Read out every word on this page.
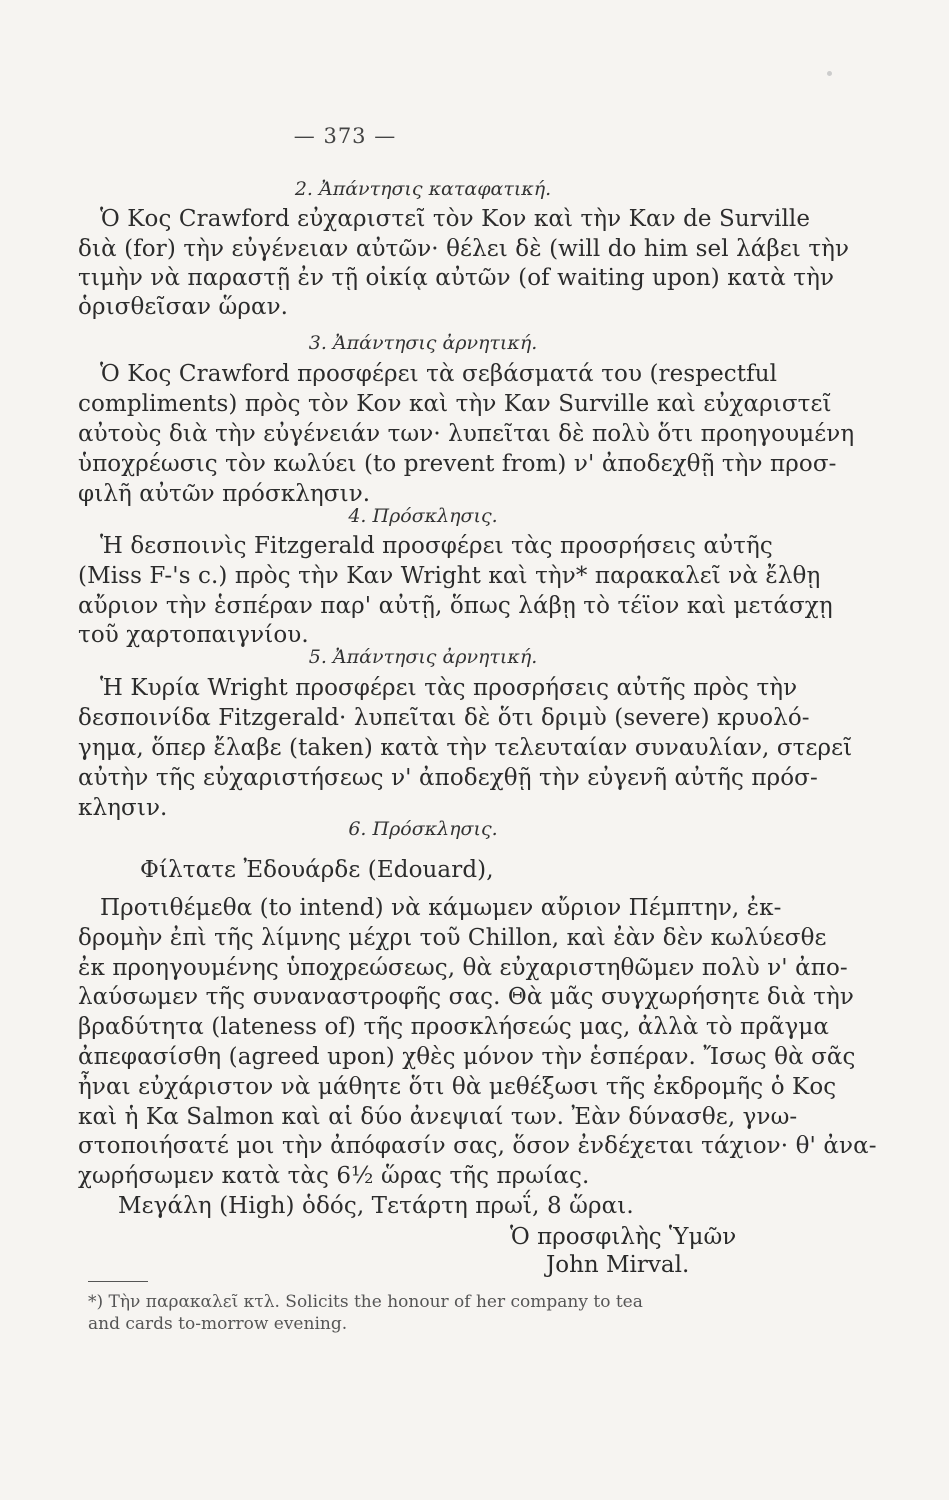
— 373 —
2. Ἀπάντησις καταφατική.
Ὁ Κος Crawford εὐχαριστεῖ τὸν Κον καὶ τὴν Καν de Surville
διὰ (for) τὴν εὐγένειαν αὐτῶν· θέλει δὲ (will do him sel λάβει τὴν
τιμὴν νὰ παραστῇ ἐν τῇ οἰκίᾳ αὐτῶν (of waiting upon) κατὰ τὴν
ὁρισθεῖσαν ὥραν.
3. Ἀπάντησις ἀρνητική.
Ὁ Κος Crawford προσφέρει τὰ σεβάσματά του (respectful
compliments) πρὸς τὸν Κον καὶ τὴν Καν Surville καὶ εὐχαριστεῖ
αὐτοὺς διὰ τὴν εὐγένειάν των· λυπεῖται δὲ πολὺ ὅτι προηγουμένη
ὑποχρέωσις τὸν κωλύει (to prevent from) ν' ἀποδεχθῇ τὴν προσ-
φιλῆ αὐτῶν πρόσκλησιν.
4. Πρόσκλησις.
Ἡ δεσποινὶς Fitzgerald προσφέρει τὰς προσρήσεις αὐτῆς
(Miss F-'s c.) πρὸς τὴν Καν Wright καὶ τὴν* παρακαλεῖ νὰ ἔλθῃ
αὔριον τὴν ἑσπέραν παρ' αὐτῇ, ὅπως λάβῃ τὸ τέϊον καὶ μετάσχῃ
τοῦ χαρτοπαιγνίου.
5. Ἀπάντησις ἀρνητική.
Ἡ Κυρία Wright προσφέρει τὰς προσρήσεις αὐτῆς πρὸς τὴν
δεσποινίδα Fitzgerald· λυπεῖται δὲ ὅτι δριμὺ (severe) κρυολό-
γημα, ὅπερ ἔλαβε (taken) κατὰ τὴν τελευταίαν συναυλίαν, στερεῖ
αὐτὴν τῆς εὐχαριστήσεως ν' ἀποδεχθῇ τὴν εὐγενῆ αὐτῆς πρόσ-
κλησιν.
6. Πρόσκλησις.
Φίλτατε Ἐδουάρδε (Edouard),
Προτιθέμεθα (to intend) νὰ κάμωμεν αὔριον Πέμπτην, ἐκ-
δρομὴν ἐπὶ τῆς λίμνης μέχρι τοῦ Chillon, καὶ ἐὰν δὲν κωλύεσθε
ἐκ προηγουμένης ὑποχρεώσεως, θὰ εὐχαριστηθῶμεν πολὺ ν' ἀπο-
λαύσωμεν τῆς συναναστροφῆς σας. Θὰ μᾶς συγχωρήσητε διὰ τὴν
βραδύτητα (lateness of) τῆς προσκλήσεώς μας, ἀλλὰ τὸ πρᾶγμα
ἀπεφασίσθη (agreed upon) χθὲς μόνον τὴν ἑσπέραν. Ἴσως θὰ σᾶς
ἦναι εὐχάριστον νὰ μάθητε ὅτι θὰ μεθέξωσι τῆς ἐκδρομῆς ὁ Κος
καὶ ἡ Κα Salmon καὶ αἱ δύο ἀνεψιαί των. Ἐὰν δύνασθε, γνω-
στοποιήσατέ μοι τὴν ἀπόφασίν σας, ὅσον ἐνδέχεται τάχιον· θ' ἀνα-
χωρήσωμεν κατὰ τὰς 6½ ὥρας τῆς πρωίας.
Μεγάλη (High) ὁδός, Τετάρτη πρωΐ, 8 ὥραι.
Ὁ προσφιλὴς Ὑμῶν
John Mirval.
*) Τὴν παρακαλεῖ κτλ. Solicits the honour of her company to tea
and cards to-morrow evening.
